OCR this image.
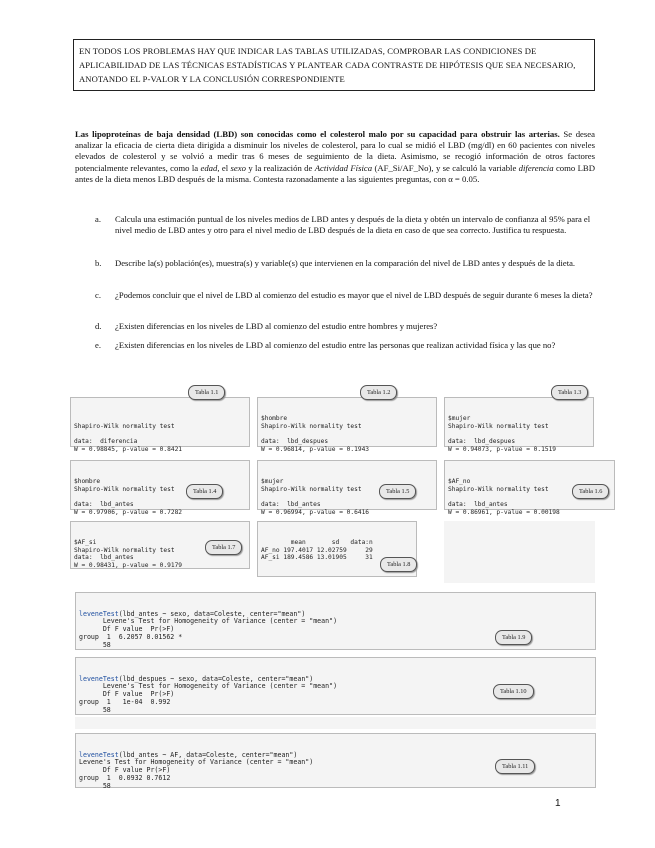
EN TODOS LOS PROBLEMAS HAY QUE INDICAR LAS TABLAS UTILIZADAS, COMPROBAR LAS CONDICIONES DE APLICABILIDAD DE LAS TÉCNICAS ESTADÍSTICAS Y PLANTEAR CADA CONTRASTE DE HIPÓTESIS QUE SEA NECESARIO, ANOTANDO EL P-VALOR Y LA CONCLUSIÓN CORRESPONDIENTE
Las lipoproteínas de baja densidad (LBD) son conocidas como el colesterol malo por su capacidad para obstruir las arterias. Se desea analizar la eficacia de cierta dieta dirigida a disminuir los niveles de colesterol, para lo cual se midió el LBD (mg/dl) en 60 pacientes con niveles elevados de colesterol y se volvió a medir tras 6 meses de seguimiento de la dieta. Asimismo, se recogió información de otros factores potencialmente relevantes, como la edad, el sexo y la realización de Actividad Física (AF_Si/AF_No), y se calculó la variable diferencia como LBD antes de la dieta menos LBD después de la misma. Contesta razonadamente a las siguientes preguntas, con α = 0.05.
a.	Calcula una estimación puntual de los niveles medios de LBD antes y después de la dieta y obtén un intervalo de confianza al 95% para el nivel medio de LBD antes y otro para el nivel medio de LBD después de la dieta en caso de que sea correcto. Justifica tu respuesta.
b.	Describe la(s) población(es), muestra(s) y variable(s) que intervienen en la comparación del nivel de LBD antes y después de la dieta.
c.	¿Podemos concluir que el nivel de LBD al comienzo del estudio es mayor que el nivel de LBD después de seguir durante 6 meses la dieta?
d.	¿Existen diferencias en los niveles de LBD al comienzo del estudio entre hombres y mujeres?
e.	¿Existen diferencias en los niveles de LBD al comienzo del estudio entre las personas que realizan actividad física y las que no?

Shapiro-Wilk normality test
data:  diferencia
W = 0.98845, p-value = 0.8421

Tabla 1.1

$hombre
Shapiro-Wilk normality test
data:  lbd_despues
W = 0.96814, p-value = 0.1943

Tabla 1.2

$mujer
Shapiro-Wilk normality test
data:  lbd_despues
W = 0.94073, p-value = 0.1519

Tabla 1.3

$hombre
Shapiro-Wilk normality test
data:  lbd_antes
W = 0.97906, p-value = 0.7282

Tabla 1.4

$mujer
Shapiro-Wilk normality test
data:  lbd_antes
W = 0.96994, p-value = 0.6416

Tabla 1.5

$AF_no
Shapiro-Wilk normality test
data:  lbd_antes
W = 0.86961, p-value = 0.00198

Tabla 1.6

$AF_si
Shapiro-Wilk normality test
data:  lbd_antes
W = 0.98431, p-value = 0.9179

Tabla 1.7

mean       sd   data:n
AF_no 197.4017 12.02759     29
AF_si 189.4586 13.01905     31

Tabla 1.8

leveneTest(lbd_antes ~ sexo, data=Coleste, center="mean")
Levene's Test for Homogeneity of Variance (center = "mean")
Df F value  Pr(>F)
group  1  6.2057 0.01562 *
58

Tabla 1.9

leveneTest(lbd_despues ~ sexo, data=Coleste, center="mean")
Levene's Test for Homogeneity of Variance (center = "mean")
Df F value  Pr(>F)
group  1   1e-04  0.992
58

Tabla 1.10

leveneTest(lbd_antes ~ AF, data=Coleste, center="mean")
Levene's Test for Homogeneity of Variance (center = "mean")
Df F value Pr(>F)
group  1  0.0932 0.7612
58

Tabla 1.11
1
